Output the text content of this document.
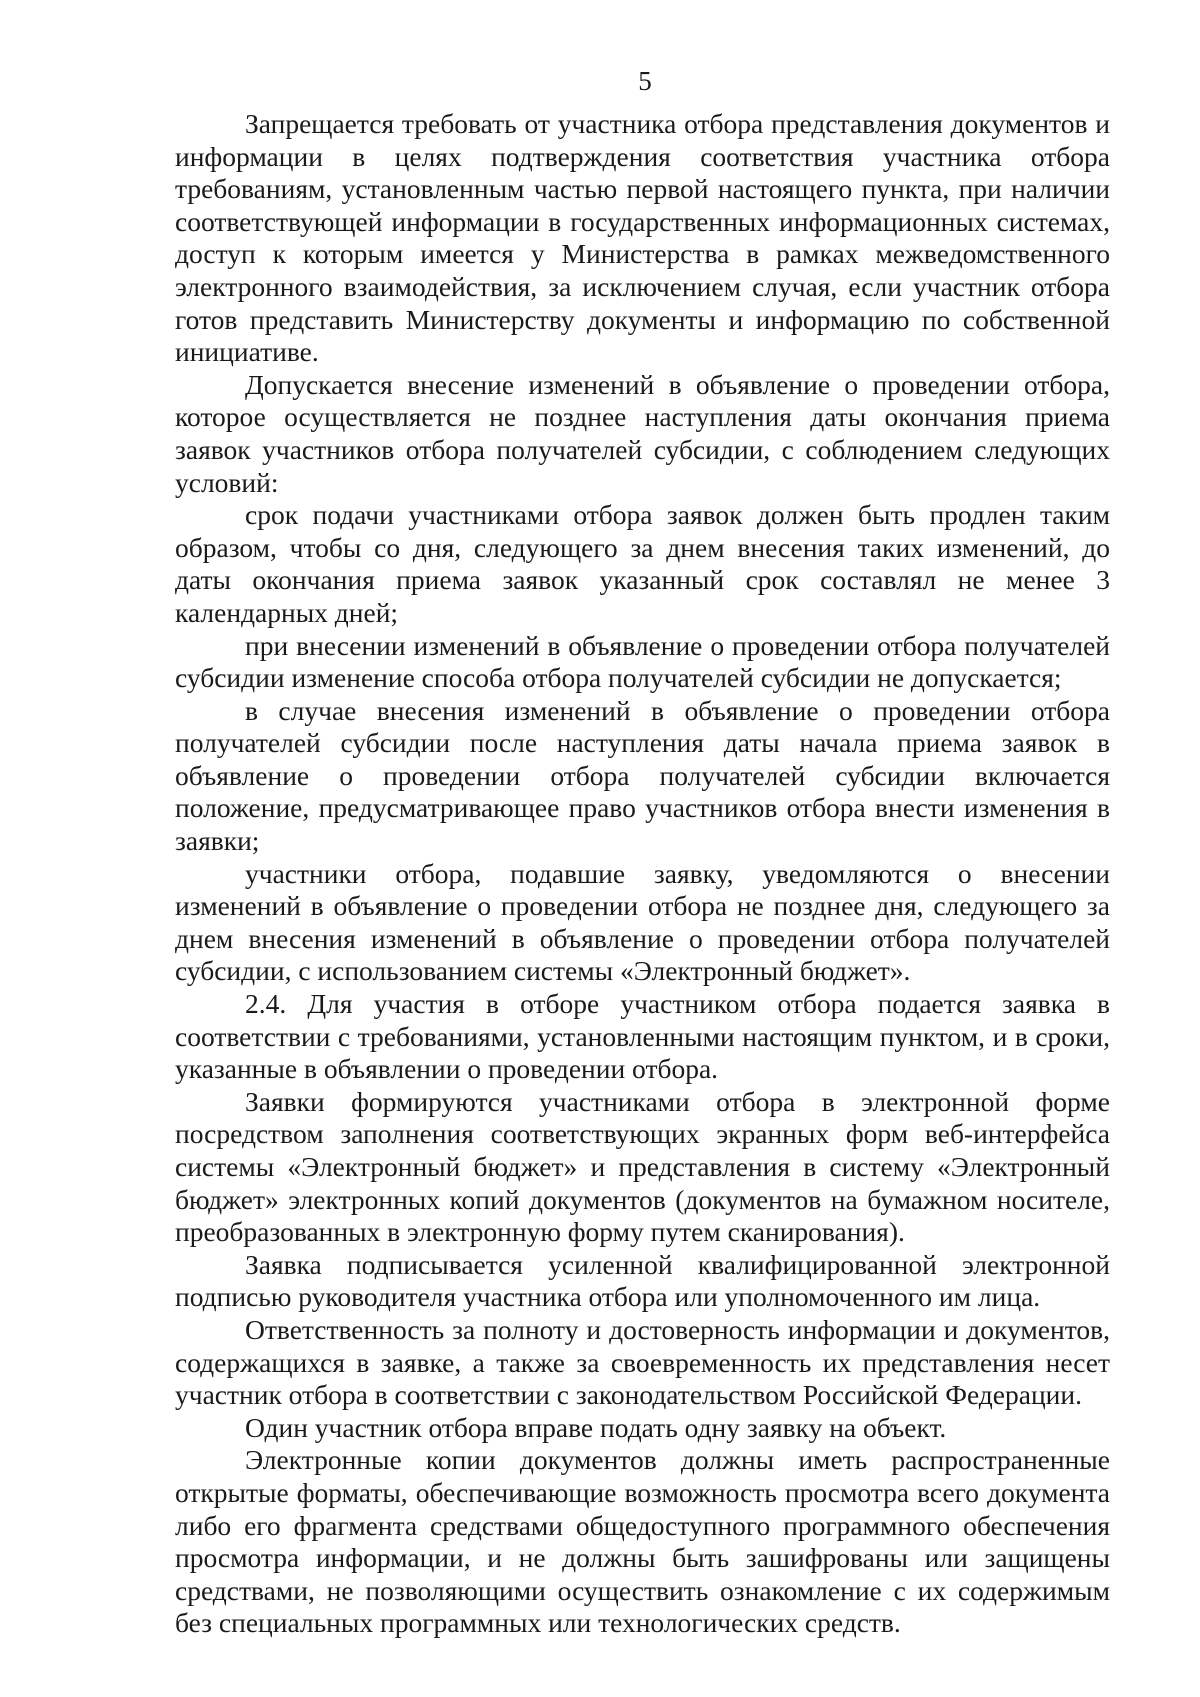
5

Запрещается требовать от участника отбора представления документов и информации в целях подтверждения соответствия участника отбора требованиям, установленным частью первой настоящего пункта, при наличии соответствующей информации в государственных информационных системах, доступ к которым имеется у Министерства в рамках межведомственного электронного взаимодействия, за исключением случая, если участник отбора готов представить Министерству документы и информацию по собственной инициативе.

Допускается внесение изменений в объявление о проведении отбора, которое осуществляется не позднее наступления даты окончания приема заявок участников отбора получателей субсидии, с соблюдением следующих условий:

срок подачи участниками отбора заявок должен быть продлен таким образом, чтобы со дня, следующего за днем внесения таких изменений, до даты окончания приема заявок указанный срок составлял не менее 3 календарных дней;

при внесении изменений в объявление о проведении отбора получателей субсидии изменение способа отбора получателей субсидии не допускается;

в случае внесения изменений в объявление о проведении отбора получателей субсидии после наступления даты начала приема заявок в объявление о проведении отбора получателей субсидии включается положение, предусматривающее право участников отбора внести изменения в заявки;

участники отбора, подавшие заявку, уведомляются о внесении изменений в объявление о проведении отбора не позднее дня, следующего за днем внесения изменений в объявление о проведении отбора получателей субсидии, с использованием системы «Электронный бюджет».

2.4. Для участия в отборе участником отбора подается заявка в соответствии с требованиями, установленными настоящим пунктом, и в сроки, указанные в объявлении о проведении отбора.

Заявки формируются участниками отбора в электронной форме посредством заполнения соответствующих экранных форм веб-интерфейса системы «Электронный бюджет» и представления в систему «Электронный бюджет» электронных копий документов (документов на бумажном носителе, преобразованных в электронную форму путем сканирования).

Заявка подписывается усиленной квалифицированной электронной подписью руководителя участника отбора или уполномоченного им лица.

Ответственность за полноту и достоверность информации и документов, содержащихся в заявке, а также за своевременность их представления несет участник отбора в соответствии с законодательством Российской Федерации.

Один участник отбора вправе подать одну заявку на объект.

Электронные копии документов должны иметь распространенные открытые форматы, обеспечивающие возможность просмотра всего документа либо его фрагмента средствами общедоступного программного обеспечения просмотра информации, и не должны быть зашифрованы или защищены средствами, не позволяющими осуществить ознакомление с их содержимым без специальных программных или технологических средств.
